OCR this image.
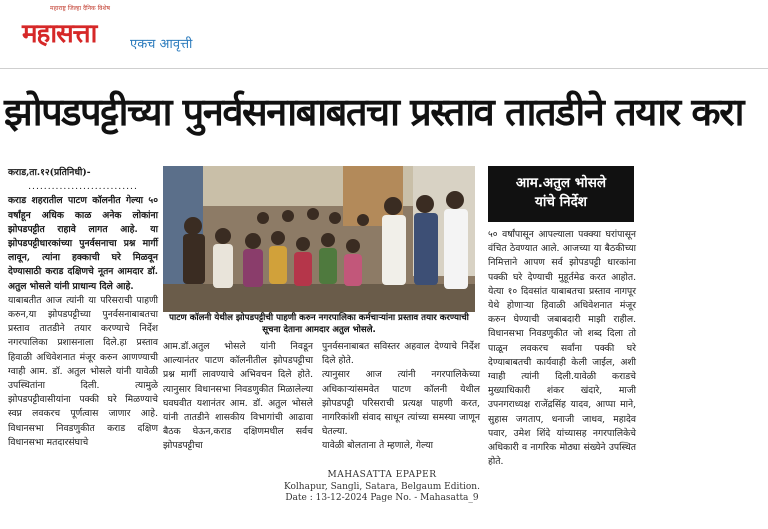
महाराष्ट्र जिल्हा दैनिक विशेष
महासत्ता	एकच आवृत्ती
झोपडपट्टीच्या पुनर्वसनाबाबतचा प्रस्ताव तातडीने तयार करा

कराड,ता.१२(प्रतिनिधी)-

............................

कराड शहरातील पाटण कॉलनीत गेल्या ५० वर्षांहून अधिक काळ अनेक लोकांना झोपडपट्टीत राहावे लागत आहे. या झोपडपट्टीधारकांच्या पुनर्वसनाचा प्रश्न मार्गी लावून, त्यांना हक्काची घरे मिळवून देण्यासाठी कराड दक्षिणचे नूतन आमदार डॉ. अतुल भोसले यांनी प्राधान्य दिले आहे.

याबाबतीत आज त्यांनी या परिसराची पाहणी करुन,या झोपडपट्टीच्या पुनर्वसनाबाबतचा प्रस्ताव तातडीने तयार करण्याचे निर्देश नगरपालिका प्रशासनाला दिले.हा प्रस्ताव हिवाळी अधिवेशनात मंजूर करुन आणण्याची ग्वाही आम. डॉ. अतुल भोसले यांनी यावेळी उपस्थितांना दिली. त्यामुळे झोपडपट्टीवासीयांना पक्की घरे मिळण्याचे स्वप्न लवकरच पूर्णत्वास जाणार आहे. विधानसभा निवडणुकीत कराड दक्षिण विधानसभा मतदारसंघाचे

पाटण कॉलनी येथील झोपडपट्टीची पाहणी करुन नगरपालिका कर्मचाऱ्यांना प्रस्ताव तयार करण्याची सूचना देताना आमदार अतुल भोसले.

आम.डॉ.अतुल भोसले यांनी निवडून आल्यानंतर पाटण कॉलनीतील झोपडपट्टीचा प्रश्न मार्गी लावण्याचे अभिवचन दिले होते. त्यानुसार विधानसभा निवडणुकीत मिळालेल्या घवघवीत यशानंतर आम. डॉ. अतुल भोसले यांनी तातडीने शासकीय विभागांची आढावा बैठक घेऊन,कराड दक्षिणमधील सर्वच झोपडपट्टीचा

पुनर्वसनाबाबत सविस्तर अहवाल देण्याचे निर्देश दिले होते.

त्यानुसार आज त्यांनी नगरपालिकेच्या अधिकाऱ्यांसमवेत पाटण कॉलनी येथील झोपडपट्टी परिसराची प्रत्यक्ष पाहणी करत, नागरिकांशी संवाद साधून त्यांच्या समस्या जाणून घेतल्या.

यावेळी बोलताना ते म्हणाले, गेल्या

आम.अतुल भोसले
यांचे निर्देश

५० वर्षांपासून आपल्याला पक्क्या घरांपासून वंचित ठेवण्यात आले. आजच्या या बैठकीच्या निमित्ताने आपण सर्व झोपडपट्टी धारकांना पक्की घरे देण्याची मुहूर्तमेढ करत आहोत. येत्या १० दिवसांत याबाबतचा प्रस्ताव नागपूर येथे होणाऱ्या हिवाळी अधिवेशनात मंजूर करुन घेण्याची जबाबदारी माझी राहील. विधानसभा निवडणुकीत जो शब्द दिला तो पाळून लवकरच सर्वांना पक्की घरे देण्याबाबतची कार्यवाही केली जाईल, अशी ग्वाही त्यांनी दिली.यावेळी कराडचे मुख्याधिकारी शंकर खंदारे, माजी उपनगराध्यक्ष राजेंद्रसिंह यादव, आप्पा माने, सुहास जगताप, धनाजी जाधव, महादेव पवार, उमेश शिंदे यांच्यासह नगरपालिकेचे अधिकारी व नागरिक मोठ्या संख्येने उपस्थित होते.

MAHASATTA EPAPER
Kolhapur, Sangli, Satara, Belgaum Edition.
Date : 13-12-2024 Page No. - Mahasatta_9
